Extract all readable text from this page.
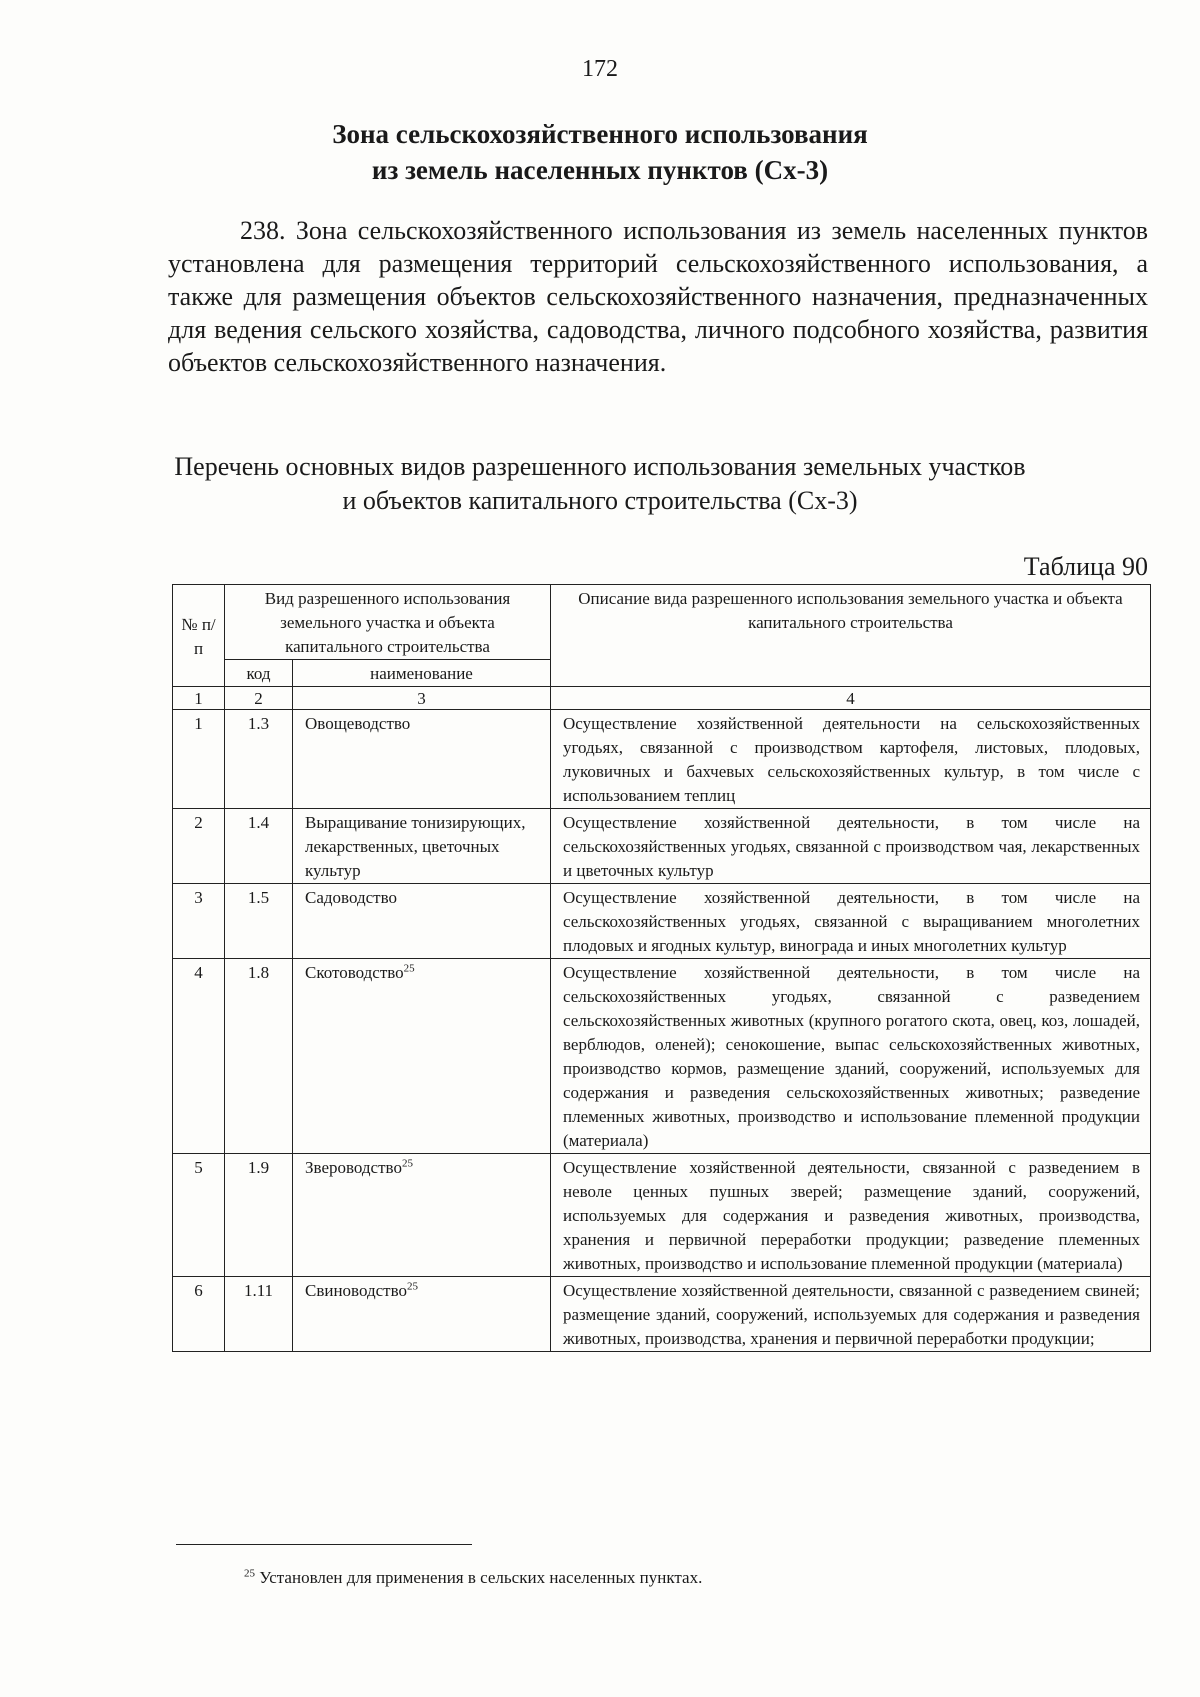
172
Зона сельскохозяйственного использования
из земель населенных пунктов (Сх-3)
238. Зона сельскохозяйственного использования из земель населенных пунктов установлена для размещения территорий сельскохозяйственного использования, а также для размещения объектов сельскохозяйственного назначения, предназначенных для ведения сельского хозяйства, садоводства, личного подсобного хозяйства, развития объектов сельскохозяйственного назначения.
Перечень основных видов разрешенного использования земельных участков
и объектов капитального строительства (Сх-3)
Таблица 90
№ п/п	Вид разрешенного использования земельного участка и объекта капитального строительства		Описание вида разрешенного использования земельного участка и объекта капитального строительства
	код	наименование	
1	2	3	4
1	1.3	Овощеводство	Осуществление хозяйственной деятельности на сельскохозяйственных угодьях, связанной с производством картофеля, листовых, плодовых, луковичных и бахчевых сельскохозяйственных культур, в том числе с использованием теплиц
2	1.4	Выращивание тонизирующих, лекарственных, цветочных культур	Осуществление хозяйственной деятельности, в том числе на сельскохозяйственных угодьях, связанной с производством чая, лекарственных и цветочных культур
3	1.5	Садоводство	Осуществление хозяйственной деятельности, в том числе на сельскохозяйственных угодьях, связанной с выращиванием многолетних плодовых и ягодных культур, винограда и иных многолетних культур
4	1.8	Скотоводство$^{25}$	Осуществление хозяйственной деятельности, в том числе на сельскохозяйственных угодьях, связанной с разведением сельскохозяйственных животных (крупного рогатого скота, овец, коз, лошадей, верблюдов, оленей); сенокошение, выпас сельскохозяйственных животных, производство кормов, размещение зданий, сооружений, используемых для содержания и разведения сельскохозяйственных животных; разведение племенных животных, производство и использование племенной продукции (материала)
5	1.9	Звероводство$^{25}$	Осуществление хозяйственной деятельности, связанной с разведением в неволе ценных пушных зверей; размещение зданий, сооружений, используемых для содержания и разведения животных, производства, хранения и первичной переработки продукции; разведение племенных животных, производство и использование племенной продукции (материала)
6	1.11	Свиноводство$^{25}$	Осуществление хозяйственной деятельности, связанной с разведением свиней; размещение зданий, сооружений, используемых для содержания и разведения животных, производства, хранения и первичной переработки продукции;
$^{25}$ Установлен для применения в сельских населенных пунктах.
